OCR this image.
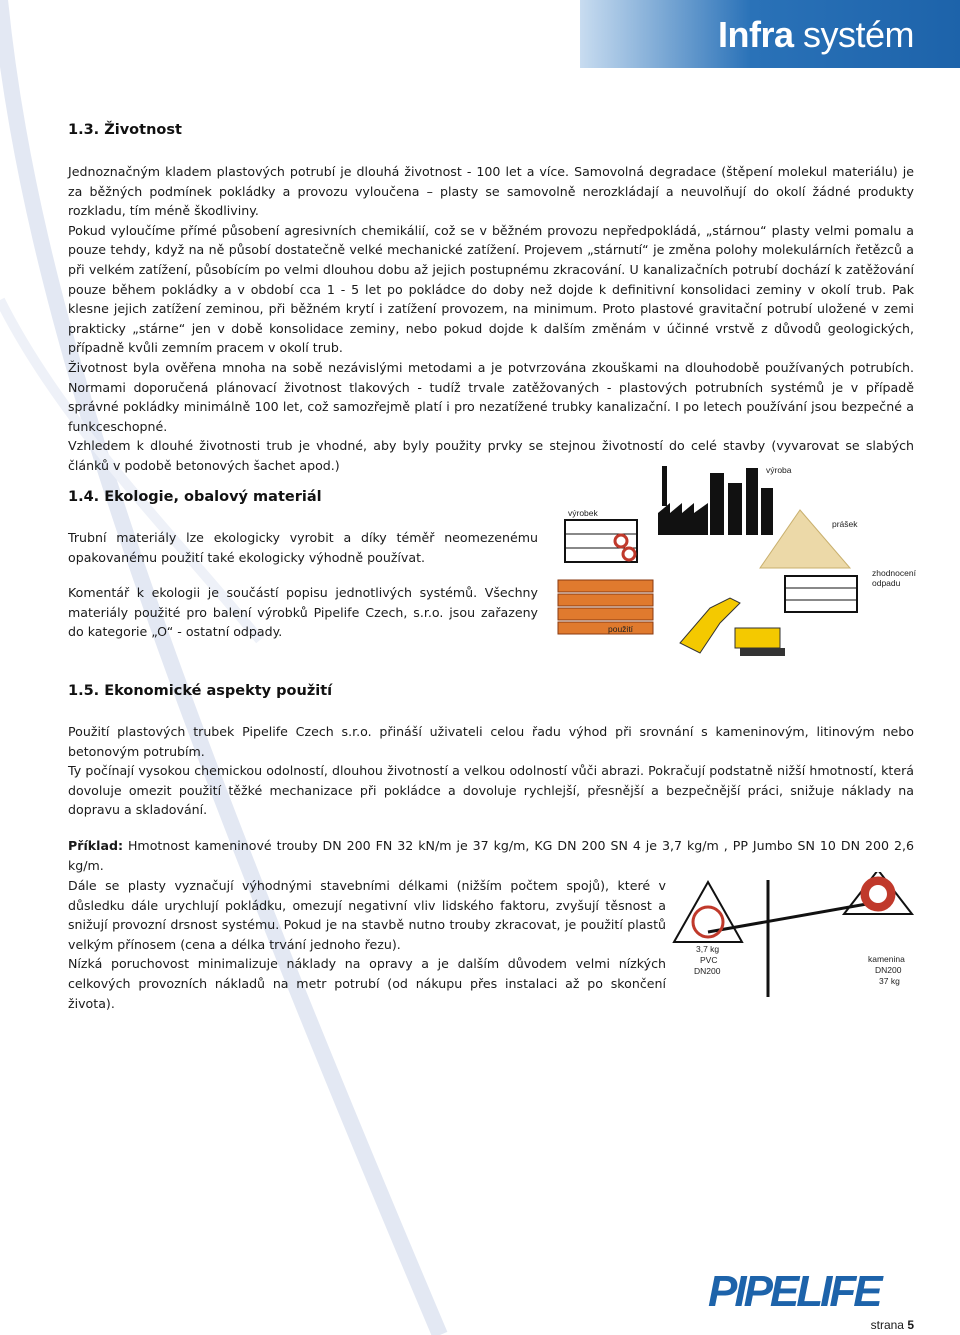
Infra systém
1.3. Životnost

Jednoznačným kladem plastových potrubí je dlouhá životnost - 100 let a více. Samovolná degradace (štěpení molekul materiálu) je za běžných podmínek pokládky a provozu vyloučena – plasty se samovolně nerozkládají a neuvolňují do okolí žádné produkty rozkladu, tím méně škodliviny.

Pokud vyloučíme přímé působení agresivních chemikálií, což se v běžném provozu nepředpokládá, „stárnou“ plasty velmi pomalu a pouze tehdy, když na ně působí dostatečně velké mechanické zatížení. Projevem „stárnutí“ je změna polohy molekulárních řetězců a při velkém zatížení, působícím po velmi dlouhou dobu až jejich postupnému zkracování. U kanalizačních potrubí dochází k zatěžování pouze během pokládky a v období cca 1 - 5 let po pokládce do doby než dojde k definitivní konsolidaci zeminy v okolí trub. Pak klesne jejich zatížení zeminou, při běžném krytí i zatížení provozem, na minimum. Proto plastové gravitační potrubí uložené v zemi prakticky „stárne“ jen v době konsolidace zeminy, nebo pokud dojde k dalším změnám v účinné vrstvě z důvodů geologických, případně kvůli zemním pracem v okolí trub.

Životnost byla ověřena mnoha na sobě nezávislými metodami a je potvrzována zkouškami na dlouhodobě používaných potrubích. Normami doporučená plánovací životnost tlakových - tudíž trvale zatěžovaných - plastových potrubních systémů je v případě správné pokládky minimálně 100 let, což samozřejmě platí i pro nezatížené trubky kanalizační. I po letech používání jsou bezpečné a funkceschopné.

Vzhledem k dlouhé životnosti trub je vhodné, aby byly použity prvky se stejnou životností do celé stavby (vyvarovat se slabých článků v podobě betonových šachet apod.)

1.4. Ekologie, obalový materiál

Trubní materiály lze ekologicky vyrobit a díky téměř neomezenému opakovanému použití také ekologicky výhodně používat.

Komentář k ekologii je součástí popisu jednotlivých systémů. Všechny materiály použité pro balení výrobků Pipelife Czech, s.r.o. jsou zařazeny do kategorie „O“ - ostatní odpady.

výroba
prášek
výrobek
zhodnocení
odpadu
použití
1.5. Ekonomické aspekty použití

Použití plastových trubek Pipelife Czech s.r.o. přináší uživateli celou řadu výhod při srovnání s kameninovým, litinovým nebo betonovým potrubím.

Ty počínají vysokou chemickou odolností, dlouhou životností a velkou odolností vůči abrazi. Pokračují podstatně nižší hmotností, která dovoluje omezit použití těžké mechanizace při pokládce a dovoluje rychlejší, přesnější a bezpečnější práci, snižuje náklady na dopravu a skladování.

Příklad: Hmotnost kameninové trouby DN 200 FN 32 kN/m je 37 kg/m, KG DN 200 SN 4 je 3,7 kg/m , PP Jumbo SN 10 DN 200 2,6 kg/m.

Dále se plasty vyznačují výhodnými stavebními délkami (nižším počtem spojů), které v důsledku dále urychlují pokládku, omezují negativní vliv lidského faktoru, zvyšují těsnost a snižují provozní drsnost systému. Pokud je na stavbě nutno trouby zkracovat, je použití plastů velkým přínosem (cena a délka trvání jednoho řezu).

Nízká poruchovost minimalizuje náklady na opravy a je dalším důvodem velmi nízkých celkových provozních nákladů na metr potrubí (od nákupu přes instalaci až po skončení života).

3,7 kg
PVC
DN200
kamenina
DN200
37 kg
PIPELIFE
strana 5
